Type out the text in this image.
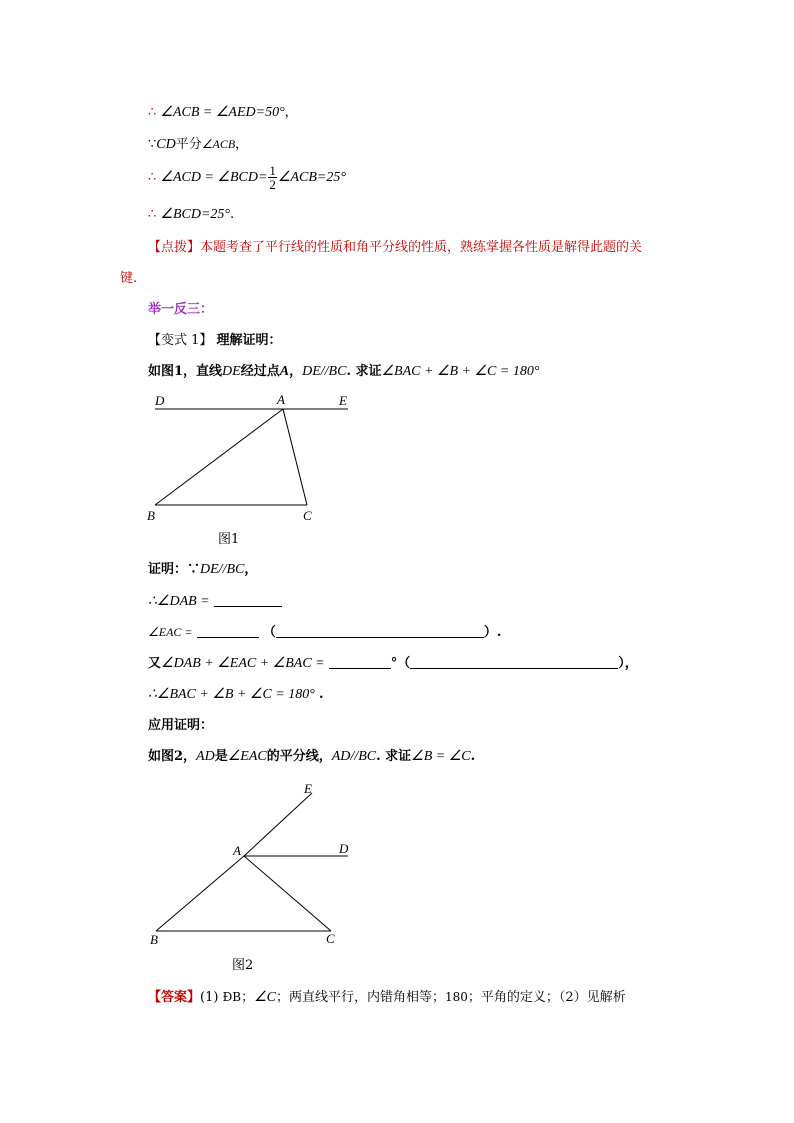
∴ ∠ACB = ∠AED=50°，
∵CD平分∠ACB，
∴ ∠ACD = ∠BCD= $\frac{1}{2}$ ∠ACB=25°
∴ ∠BCD=25°.
【点拨】本题考查了平行线的性质和角平分线的性质，熟练掌握各性质是解得此题的关
键.
举一反三：
【变式 1】 理解证明：
如图1，直线DE经过点A，DE//BC. 求证∠BAC + ∠B + ∠C = 180°
D	A	E
B	C
图1
证明：∵DE//BC，
∴∠DAB =
∠EAC =	（	）.
又∠DAB + ∠EAC + ∠BAC =	°（	），
∴∠BAC + ∠B + ∠C = 180° .
应用证明：
如图2，AD是∠EAC的平分线，AD//BC. 求证∠B = ∠C.
E
A	D
B	C
图2
【答案】(1) ÐB；∠C；两直线平行，内错角相等；180；平角的定义；（2）见解析
